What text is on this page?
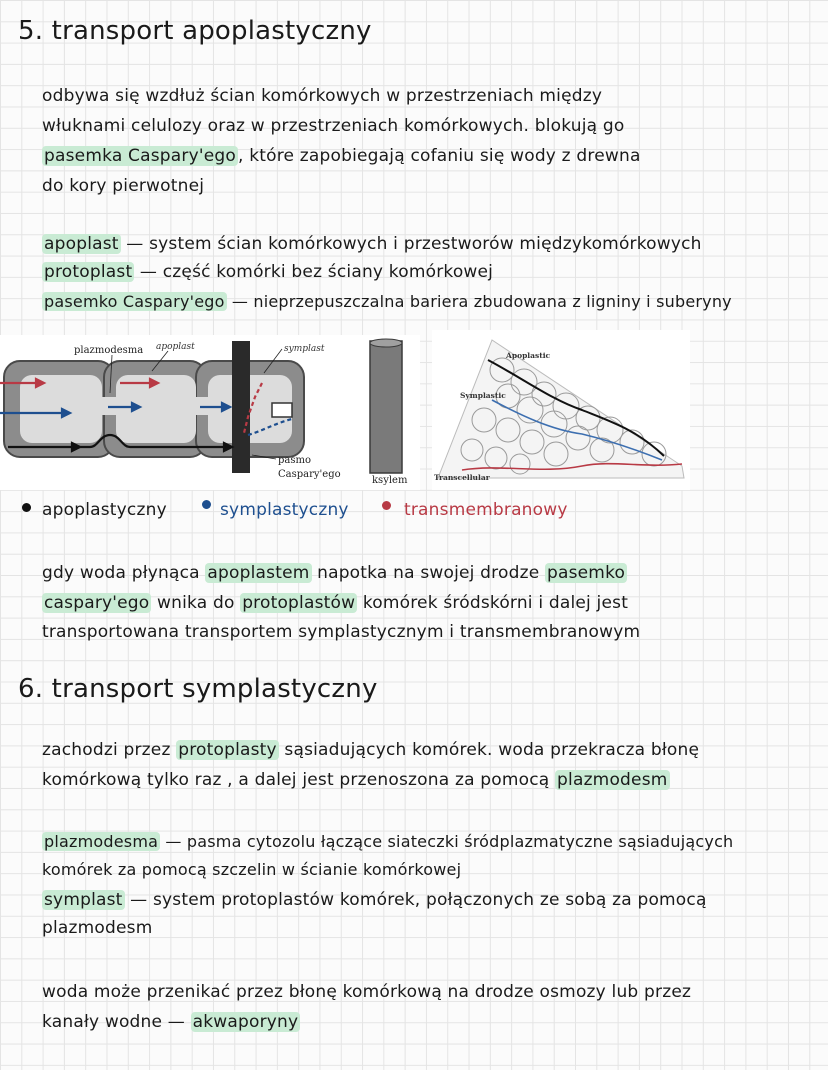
5. transport apoplastyczny
odbywa się wzdłuż ścian komórkowych w przestrzeniach między
włuknami celulozy oraz w przestrzeniach komórkowych. blokują go
pasemka Caspary'ego , które zapobiegają cofaniu się wody z drewna
do kory pierwotnej
apoplast — system ścian komórkowych i przestworów międzykomórkowych
protoplast — część komórki bez ściany komórkowej
pasemko Caspary'ego — nieprzepuszczalna bariera zbudowana z ligniny i suberyny
plazmodesma apoplast	symplast
pasmo
Caspary'ego
ksylem
Apoplastic
Symplastic
Transcellular
apoplastyczny	symplastyczny	transmembranowy
gdy woda płynąca apoplastem napotka na swojej drodze pasemko
caspary'ego wnika do protoplastów komórek śródskórni i dalej jest
transportowana transportem symplastycznym i transmembranowym
6. transport symplastyczny
zachodzi przez protoplasty sąsiadujących komórek. woda przekracza błonę
komórkową tylko raz , a dalej jest przenoszona za pomocą plazmodesm
plazmodesma — pasma cytozolu łączące siateczki śródplazmatyczne sąsiadujących
komórek za pomocą szczelin w ścianie komórkowej
symplast — system protoplastów komórek, połączonych ze sobą za pomocą
plazmodesm
woda może przenikać przez błonę komórkową na drodze osmozy lub przez
kanały wodne — akwaporyny
